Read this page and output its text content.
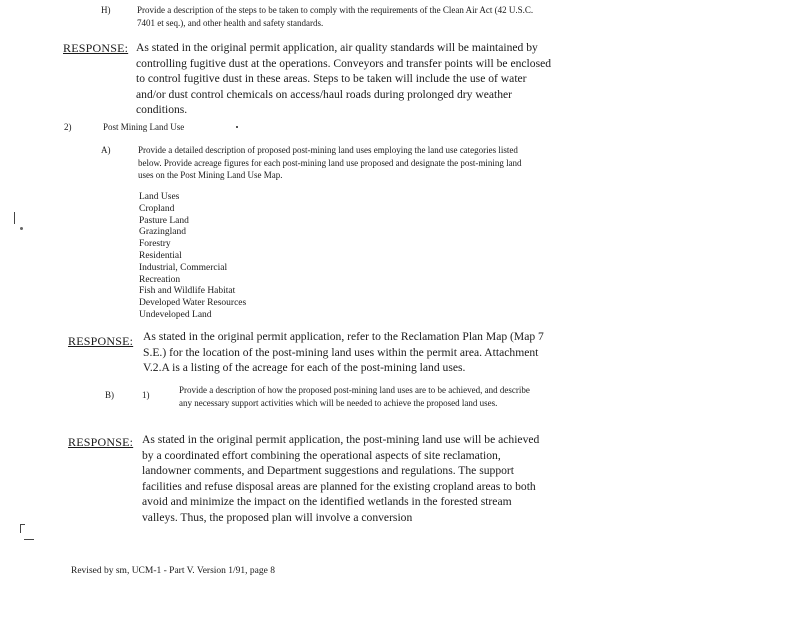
H)	Provide a description of the steps to be taken to comply with the requirements of the Clean Air Act (42 U.S.C. 7401 et seq.), and other health and safety standards.
RESPONSE: As stated in the original permit application, air quality standards will be maintained by controlling fugitive dust at the operations. Conveyors and transfer points will be enclosed to control fugitive dust in these areas. Steps to be taken will include the use of water and/or dust control chemicals on access/haul roads during prolonged dry weather conditions.
2)	Post Mining Land Use
A)	Provide a detailed description of proposed post-mining land uses employing the land use categories listed below. Provide acreage figures for each post-mining land use proposed and designate the post-mining land uses on the Post Mining Land Use Map.
Land Uses
Cropland
Pasture Land
Grazingland
Forestry
Residential
Industrial, Commercial
Recreation
Fish and Wildlife Habitat
Developed Water Resources
Undeveloped Land
RESPONSE: As stated in the original permit application, refer to the Reclamation Plan Map (Map 7 S.E.) for the location of the post-mining land uses within the permit area. Attachment V.2.A is a listing of the acreage for each of the post-mining land uses.
B)	1)	Provide a description of how the proposed post-mining land uses are to be achieved, and describe any necessary support activities which will be needed to achieve the proposed land uses.
RESPONSE: As stated in the original permit application, the post-mining land use will be achieved by a coordinated effort combining the operational aspects of site reclamation, landowner comments, and Department suggestions and regulations. The support facilities and refuse disposal areas are planned for the existing cropland areas to both avoid and minimize the impact on the identified wetlands in the forested stream valleys. Thus, the proposed plan will involve a conversion
Revised by sm, UCM-1 - Part V. Version 1/91, page 8
